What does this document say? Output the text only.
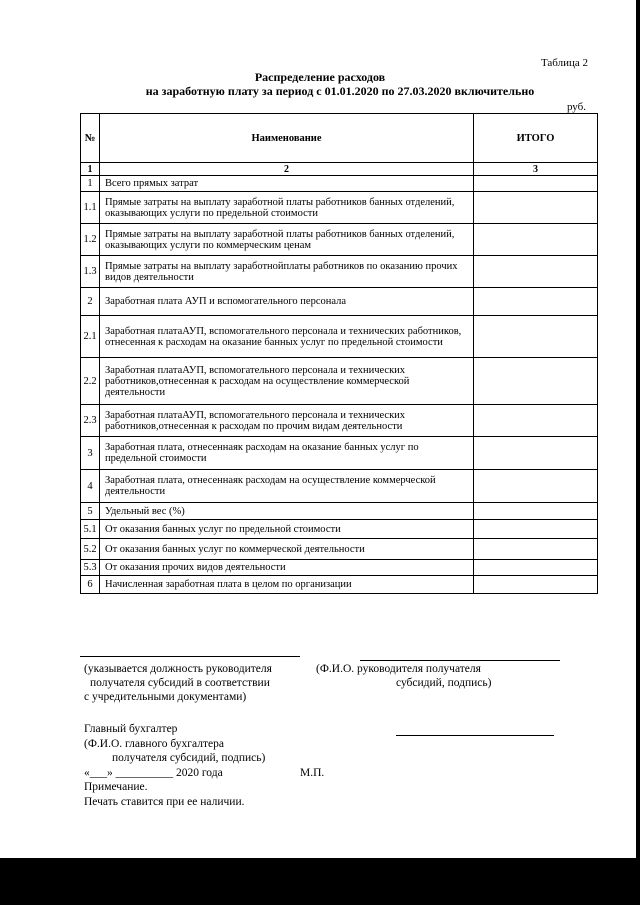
Таблица 2
Распределение расходов
на заработную плату за период с 01.01.2020 по 27.03.2020 включительно
руб.
№	Наименование	ИТОГО
1	2	3
1	Всего прямых затрат	
1.1	Прямые затраты на выплату заработной платы работников банных отделений, оказывающих услуги по предельной стоимости	
1.2	Прямые затраты на выплату заработной платы работников банных отделений, оказывающих услуги по коммерческим ценам	
1.3	Прямые затраты на выплату заработнойплаты работников по оказанию прочих видов деятельности	
2	Заработная плата АУП и вспомогательного персонала	
2.1	Заработная платаАУП, вспомогательного персонала и технических работников, отнесенная к расходам на оказание банных услуг по предельной стоимости	
2.2	Заработная платаАУП, вспомогательного персонала и технических работников,отнесенная к расходам на осуществление коммерческой деятельности	
2.3	Заработная платаАУП, вспомогательного персонала и технических работников,отнесенная к расходам по прочим видам деятельности	
3	Заработная плата, отнесеннаяк расходам на оказание банных услуг по предельной стоимости	
4	Заработная плата, отнесеннаяк расходам на осуществление коммерческой деятельности	
5	Удельный вес (%)	
5.1	От оказания банных услуг по предельной стоимости	
5.2	От оказания банных услуг по коммерческой деятельности	
5.3	От оказания прочих видов деятельности	
6	Начисленная заработная плата в целом по организации	
(указывается должность руководителя
получателя субсидий в соответствии
с учредительными документами)
(Ф.И.О. руководителя получателя
субсидий, подпись)
Главный бухгалтер
(Ф.И.О. главного бухгалтера
получателя субсидий, подпись)
«___» __________ 2020 года	М.П.
Примечание.
Печать ставится при ее наличии.
